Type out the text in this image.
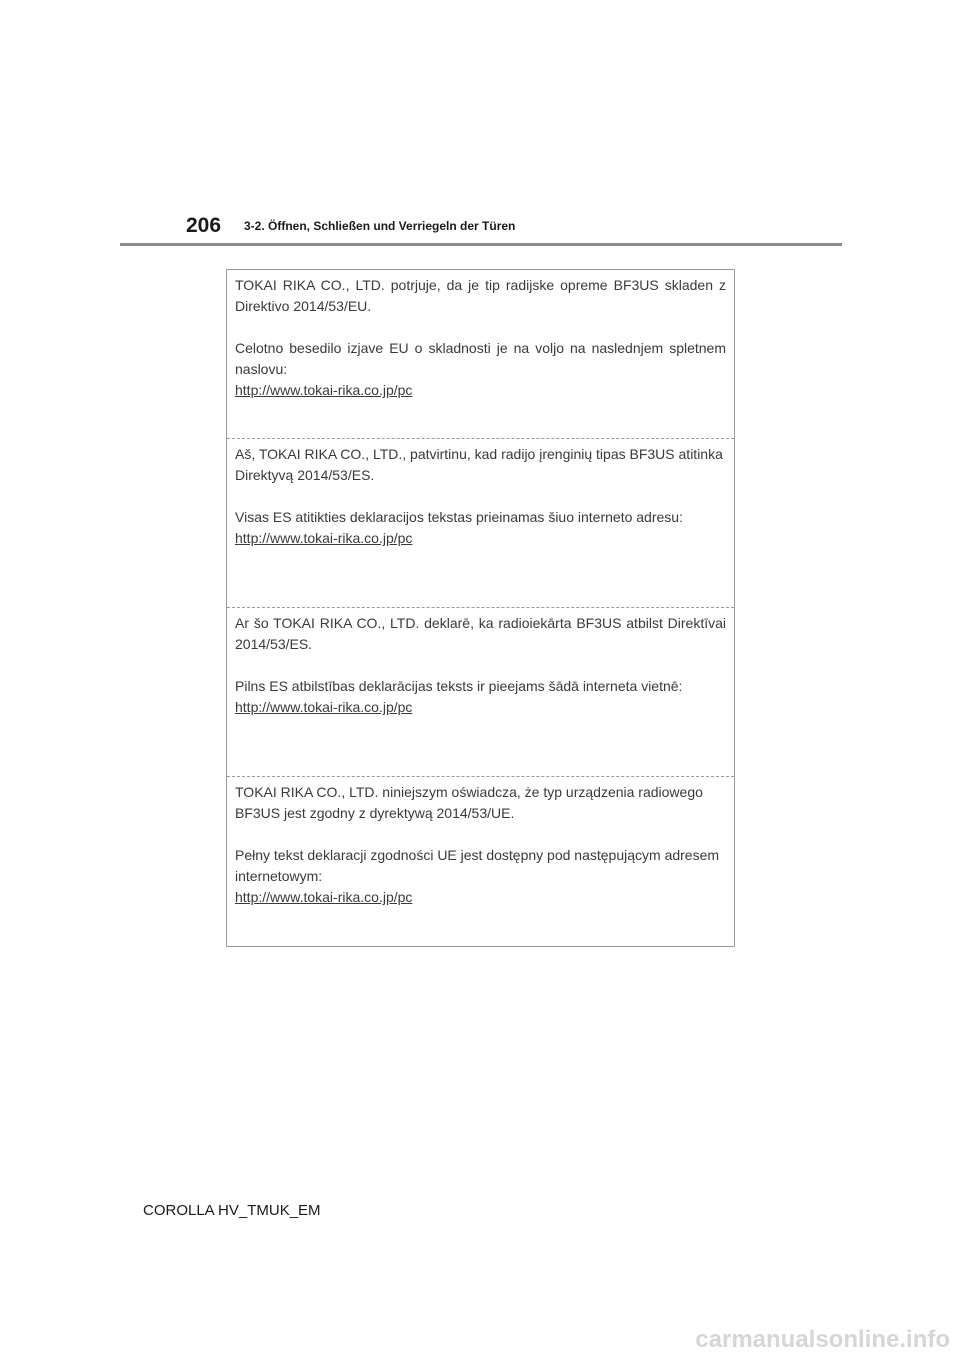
206 3-2. Öffnen, Schließen und Verriegeln der Türen

TOKAI RIKA CO., LTD. potrjuje, da je tip radijske opreme BF3US skladen z Direktivo 2014/53/EU.

Celotno besedilo izjave EU o skladnosti je na voljo na naslednjem spletnem naslovu:

http://www.tokai-rika.co.jp/pc

Aš, TOKAI RIKA CO., LTD., patvirtinu, kad radijo įrenginių tipas BF3US atitinka Direktyvą 2014/53/ES.

Visas ES atitikties deklaracijos tekstas prieinamas šiuo interneto adresu:

http://www.tokai-rika.co.jp/pc

Ar šo TOKAI RIKA CO., LTD. deklarē, ka radioiekārta BF3US atbilst Direktīvai 2014/53/ES.

Pilns ES atbilstības deklarācijas teksts ir pieejams šādā interneta vietnē:

http://www.tokai-rika.co.jp/pc

TOKAI RIKA CO., LTD. niniejszym oświadcza, że typ urządzenia radiowego BF3US jest zgodny z dyrektywą 2014/53/UE.

Pełny tekst deklaracji zgodności UE jest dostępny pod następującym adresem internetowym:

http://www.tokai-rika.co.jp/pc
COROLLA HV_TMUK_EM
carmanualsonline.info
